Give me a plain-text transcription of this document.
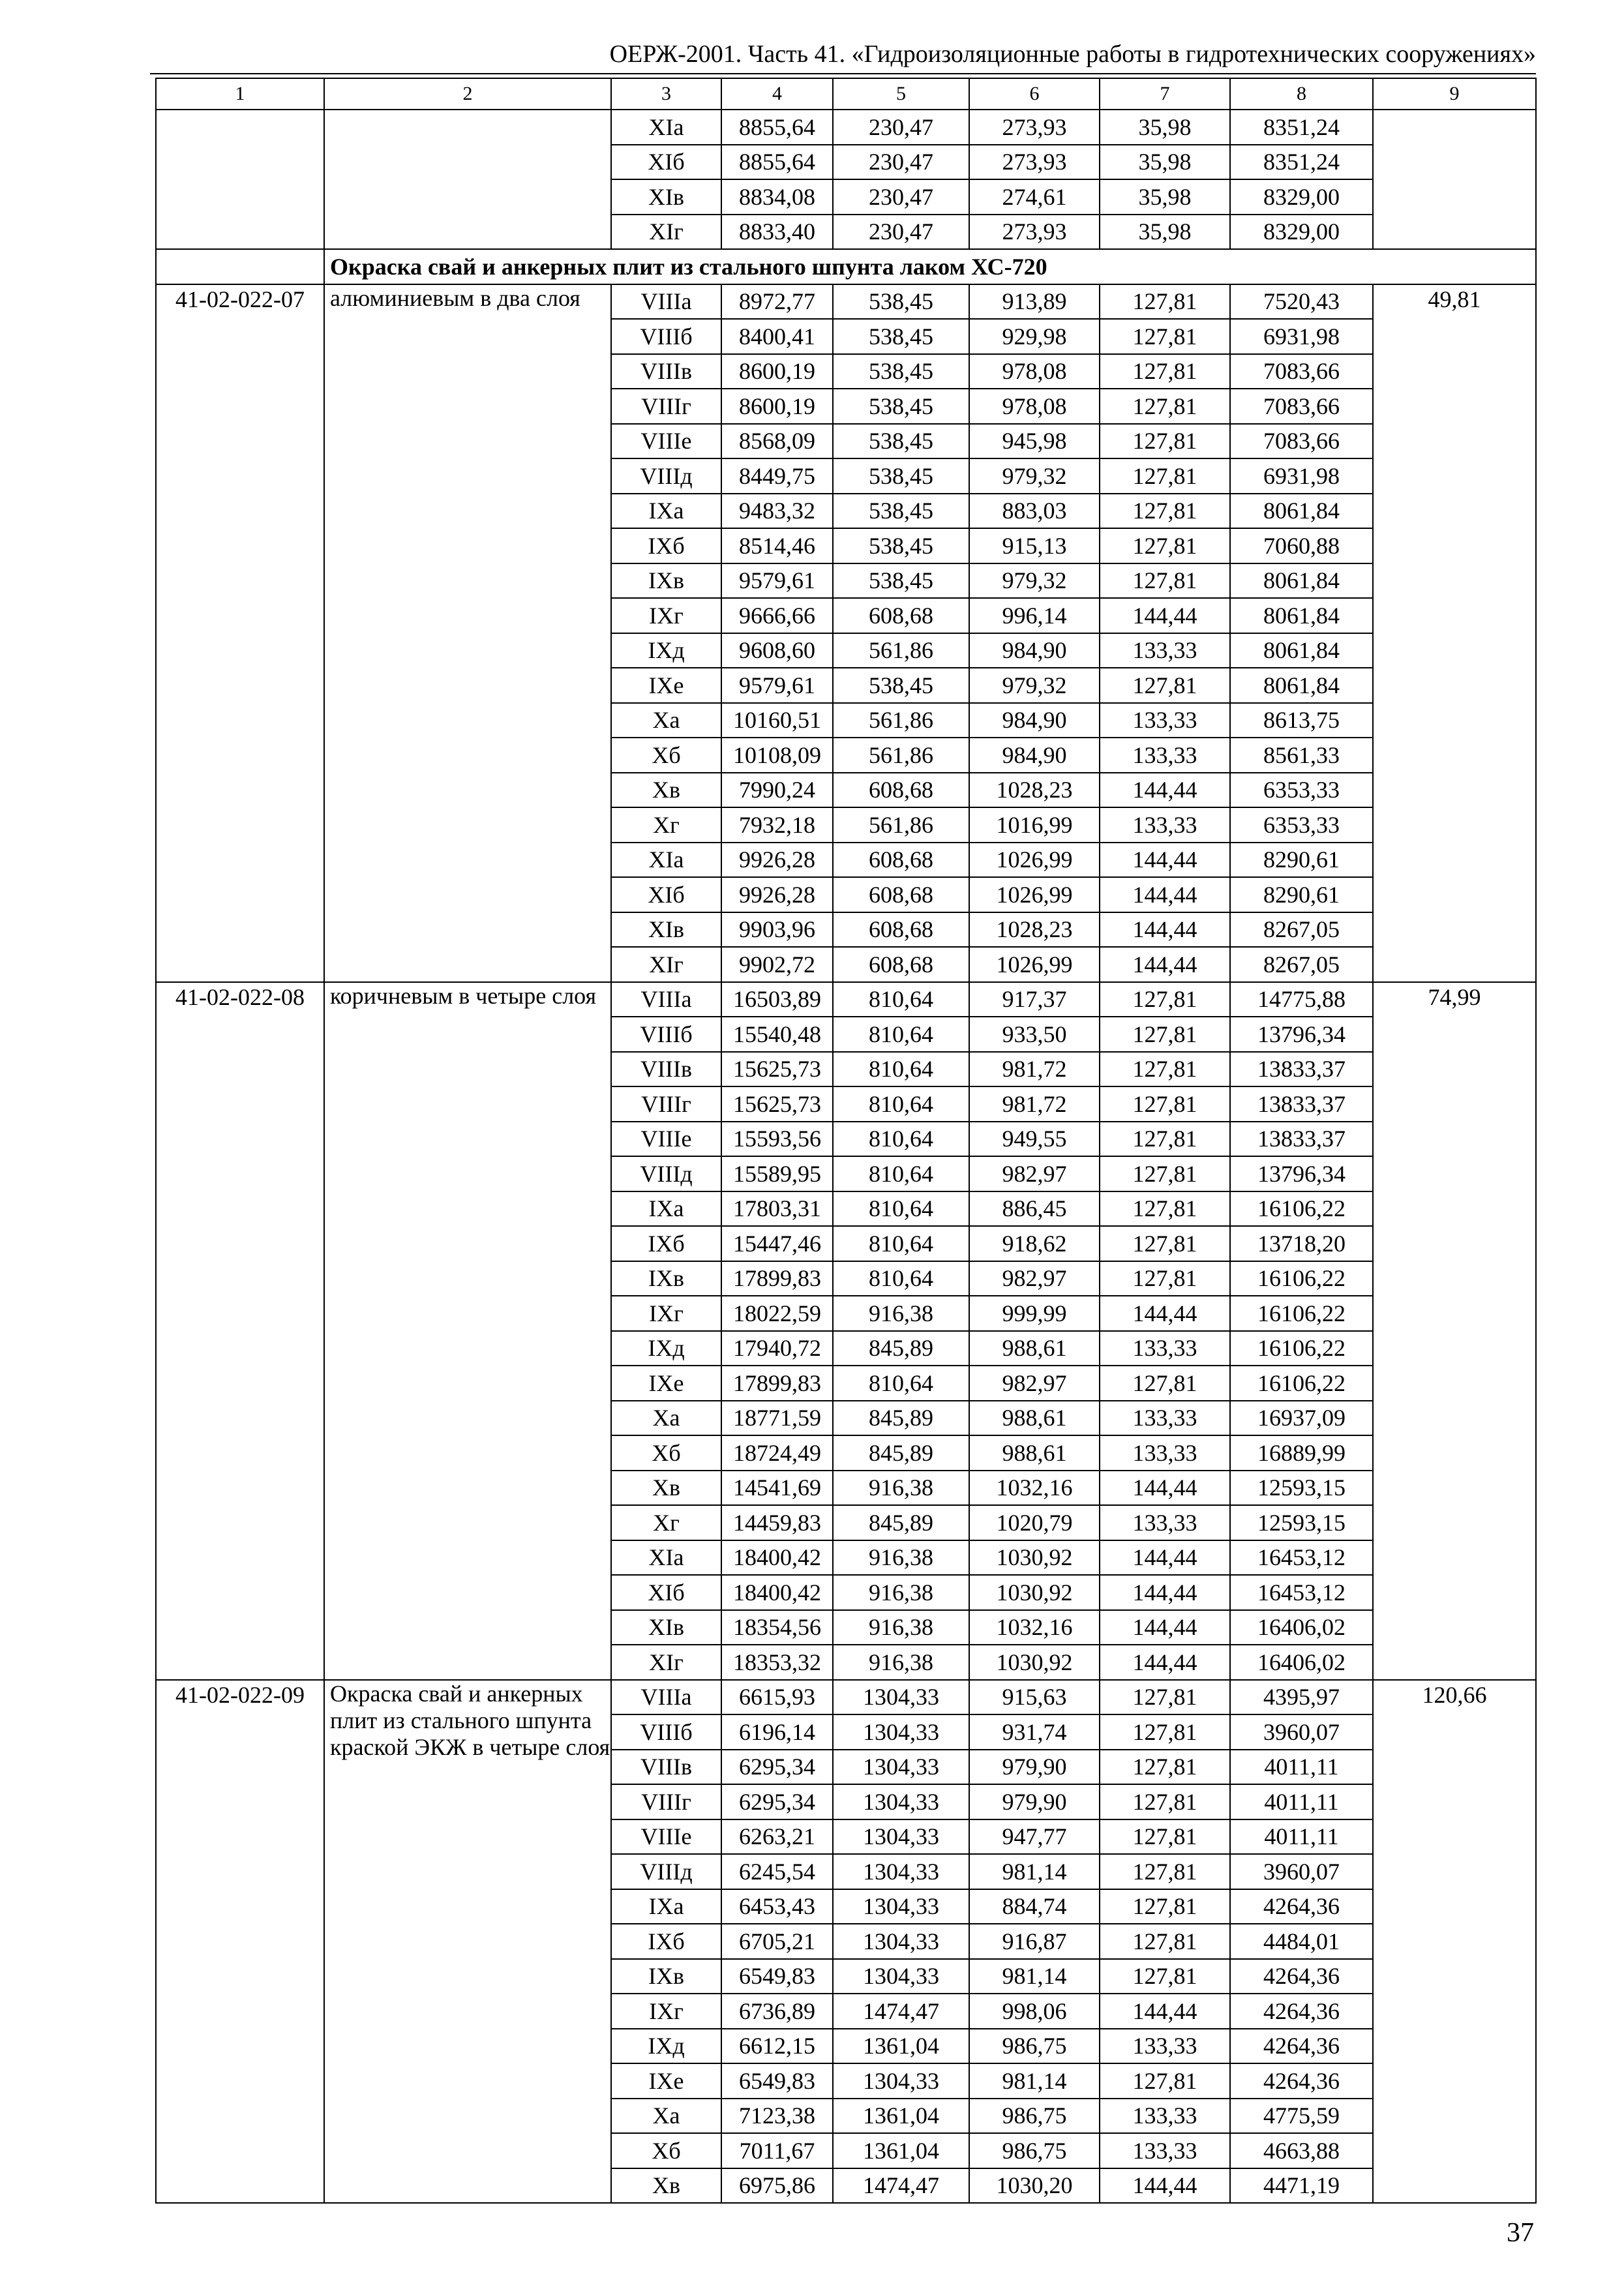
ОЕРЖ-2001. Часть 41. «Гидроизоляционные работы в гидротехнических сооружениях»
1	2	3	4	5	6	7	8	9
		XIa	8855,64	230,47	273,93	35,98	8351,24	
		XIб	8855,64	230,47	273,93	35,98	8351,24	
		XIв	8834,08	230,47	274,61	35,98	8329,00	
		XIг	8833,40	230,47	273,93	35,98	8329,00	
	Окраска свай и анкерных плит из стального шпунта лаком ХС-720							
41-02-022-07	алюминиевым в два слоя	VIIIa	8972,77	538,45	913,89	127,81	7520,43	49,81
		VIIIб	8400,41	538,45	929,98	127,81	6931,98	
		VIIIв	8600,19	538,45	978,08	127,81	7083,66	
		VIIIг	8600,19	538,45	978,08	127,81	7083,66	
		VIIIe	8568,09	538,45	945,98	127,81	7083,66	
		VIIIд	8449,75	538,45	979,32	127,81	6931,98	
		IXa	9483,32	538,45	883,03	127,81	8061,84	
		IXб	8514,46	538,45	915,13	127,81	7060,88	
		IXв	9579,61	538,45	979,32	127,81	8061,84	
		IXг	9666,66	608,68	996,14	144,44	8061,84	
		IXд	9608,60	561,86	984,90	133,33	8061,84	
		IXe	9579,61	538,45	979,32	127,81	8061,84	
		Xa	10160,51	561,86	984,90	133,33	8613,75	
		Xб	10108,09	561,86	984,90	133,33	8561,33	
		Xв	7990,24	608,68	1028,23	144,44	6353,33	
		Xг	7932,18	561,86	1016,99	133,33	6353,33	
		XIa	9926,28	608,68	1026,99	144,44	8290,61	
		XIб	9926,28	608,68	1026,99	144,44	8290,61	
		XIв	9903,96	608,68	1028,23	144,44	8267,05	
		XIг	9902,72	608,68	1026,99	144,44	8267,05	
41-02-022-08	коричневым в четыре слоя	VIIIa	16503,89	810,64	917,37	127,81	14775,88	74,99
		VIIIб	15540,48	810,64	933,50	127,81	13796,34	
		VIIIв	15625,73	810,64	981,72	127,81	13833,37	
		VIIIг	15625,73	810,64	981,72	127,81	13833,37	
		VIIIe	15593,56	810,64	949,55	127,81	13833,37	
		VIIIд	15589,95	810,64	982,97	127,81	13796,34	
		IXa	17803,31	810,64	886,45	127,81	16106,22	
		IXб	15447,46	810,64	918,62	127,81	13718,20	
		IXв	17899,83	810,64	982,97	127,81	16106,22	
		IXг	18022,59	916,38	999,99	144,44	16106,22	
		IXд	17940,72	845,89	988,61	133,33	16106,22	
		IXe	17899,83	810,64	982,97	127,81	16106,22	
		Xa	18771,59	845,89	988,61	133,33	16937,09	
		Xб	18724,49	845,89	988,61	133,33	16889,99	
		Xв	14541,69	916,38	1032,16	144,44	12593,15	
		Xг	14459,83	845,89	1020,79	133,33	12593,15	
		XIa	18400,42	916,38	1030,92	144,44	16453,12	
		XIб	18400,42	916,38	1030,92	144,44	16453,12	
		XIв	18354,56	916,38	1032,16	144,44	16406,02	
		XIг	18353,32	916,38	1030,92	144,44	16406,02	
41-02-022-09	Окраска свай и анкерных плит из стального шпунта краской ЭКЖ в четыре слоя	VIIIa	6615,93	1304,33	915,63	127,81	4395,97	120,66
		VIIIб	6196,14	1304,33	931,74	127,81	3960,07	
		VIIIв	6295,34	1304,33	979,90	127,81	4011,11	
		VIIIг	6295,34	1304,33	979,90	127,81	4011,11	
		VIIIe	6263,21	1304,33	947,77	127,81	4011,11	
		VIIIд	6245,54	1304,33	981,14	127,81	3960,07	
		IXa	6453,43	1304,33	884,74	127,81	4264,36	
		IXб	6705,21	1304,33	916,87	127,81	4484,01	
		IXв	6549,83	1304,33	981,14	127,81	4264,36	
		IXг	6736,89	1474,47	998,06	144,44	4264,36	
		IXд	6612,15	1361,04	986,75	133,33	4264,36	
		IXe	6549,83	1304,33	981,14	127,81	4264,36	
		Xa	7123,38	1361,04	986,75	133,33	4775,59	
		Xб	7011,67	1361,04	986,75	133,33	4663,88	
		Xв	6975,86	1474,47	1030,20	144,44	4471,19	
37
